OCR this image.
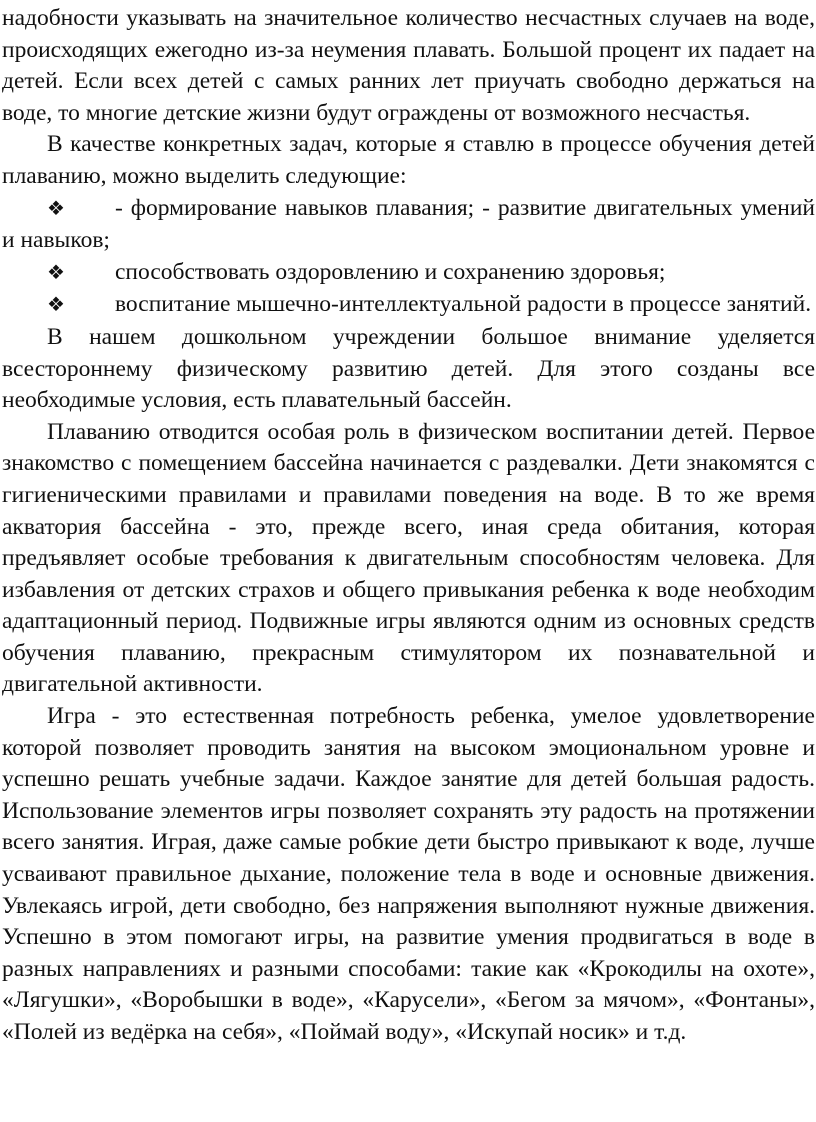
надобности указывать на значительное количество несчастных случаев на воде, происходящих ежегодно из-за неумения плавать. Большой процент их падает на детей. Если всех детей с самых ранних лет приучать свободно держаться на воде, то многие детские жизни будут ограждены от возможного несчастья.

В качестве конкретных задач, которые я ставлю в процессе обучения детей плаванию, можно выделить следующие:

❖ - формирование навыков плавания; - развитие двигательных умений и навыков;

❖ способствовать оздоровлению и сохранению здоровья;

❖ воспитание мышечно-интеллектуальной радости в процессе занятий.

В нашем дошкольном учреждении большое внимание уделяется всестороннему физическому развитию детей. Для этого созданы все необходимые условия, есть плавательный бассейн.

Плаванию отводится особая роль в физическом воспитании детей. Первое знакомство с помещением бассейна начинается с раздевалки. Дети знакомятся с гигиеническими правилами и правилами поведения на воде. В то же время акватория бассейна - это, прежде всего, иная среда обитания, которая предъявляет особые требования к двигательным способностям человека. Для избавления от детских страхов и общего привыкания ребенка к воде необходим адаптационный период. Подвижные игры являются одним из основных средств обучения плаванию, прекрасным стимулятором их познавательной и двигательной активности.

Игра - это естественная потребность ребенка, умелое удовлетворение которой позволяет проводить занятия на высоком эмоциональном уровне и успешно решать учебные задачи. Каждое занятие для детей большая радость. Использование элементов игры позволяет сохранять эту радость на протяжении всего занятия. Играя, даже самые робкие дети быстро привыкают к воде, лучше усваивают правильное дыхание, положение тела в воде и основные движения. Увлекаясь игрой, дети свободно, без напряжения выполняют нужные движения. Успешно в этом помогают игры, на развитие умения продвигаться в воде в разных направлениях и разными способами: такие как «Крокодилы на охоте», «Лягушки», «Воробышки в воде», «Карусели», «Бегом за мячом», «Фонтаны», «Полей из ведёрка на себя», «Поймай воду», «Искупай носик» и т.д.
